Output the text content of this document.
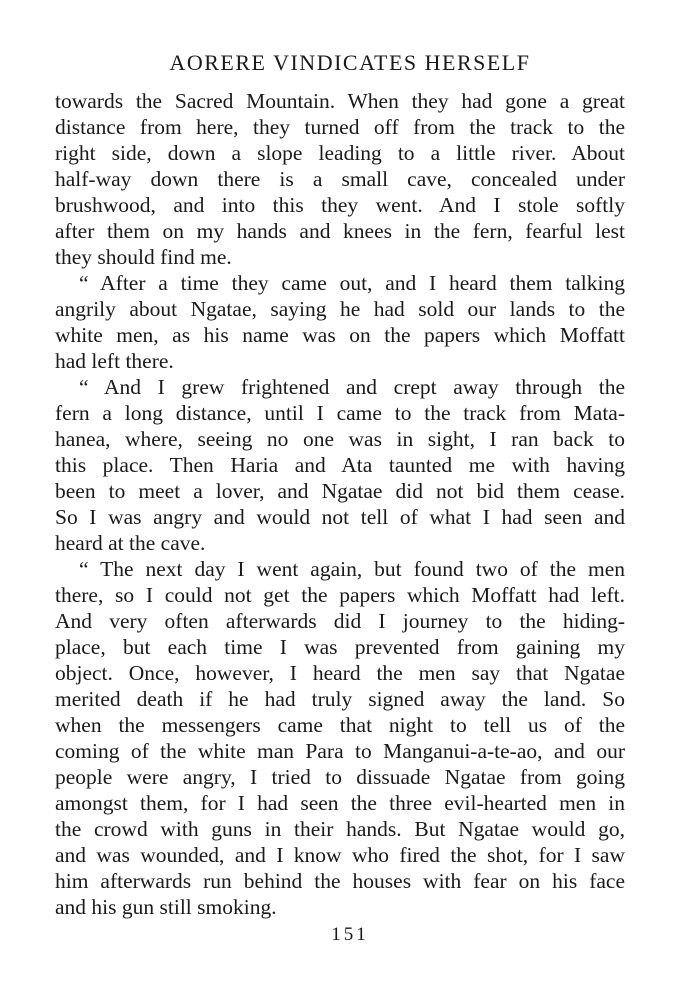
AORERE VINDICATES HERSELF
towards the Sacred Mountain. When they had gone a great
distance from here, they turned off from the track to the
right side, down a slope leading to a little river. About
half-way down there is a small cave, concealed under
brushwood, and into this they went. And I stole softly
after them on my hands and knees in the fern, fearful lest
they should find me.
“ After a time they came out, and I heard them talking
angrily about Ngatae, saying he had sold our lands to the
white men, as his name was on the papers which Moffatt
had left there.
“ And I grew frightened and crept away through the
fern a long distance, until I came to the track from Mata-
hanea, where, seeing no one was in sight, I ran back to
this place. Then Haria and Ata taunted me with having
been to meet a lover, and Ngatae did not bid them cease.
So I was angry and would not tell of what I had seen and
heard at the cave.
“ The next day I went again, but found two of the men
there, so I could not get the papers which Moffatt had left.
And very often afterwards did I journey to the hiding-
place, but each time I was prevented from gaining my
object. Once, however, I heard the men say that Ngatae
merited death if he had truly signed away the land. So
when the messengers came that night to tell us of the
coming of the white man Para to Manganui-a-te-ao, and our
people were angry, I tried to dissuade Ngatae from going
amongst them, for I had seen the three evil-hearted men in
the crowd with guns in their hands. But Ngatae would go,
and was wounded, and I know who fired the shot, for I saw
him afterwards run behind the houses with fear on his face
and his gun still smoking.
151
